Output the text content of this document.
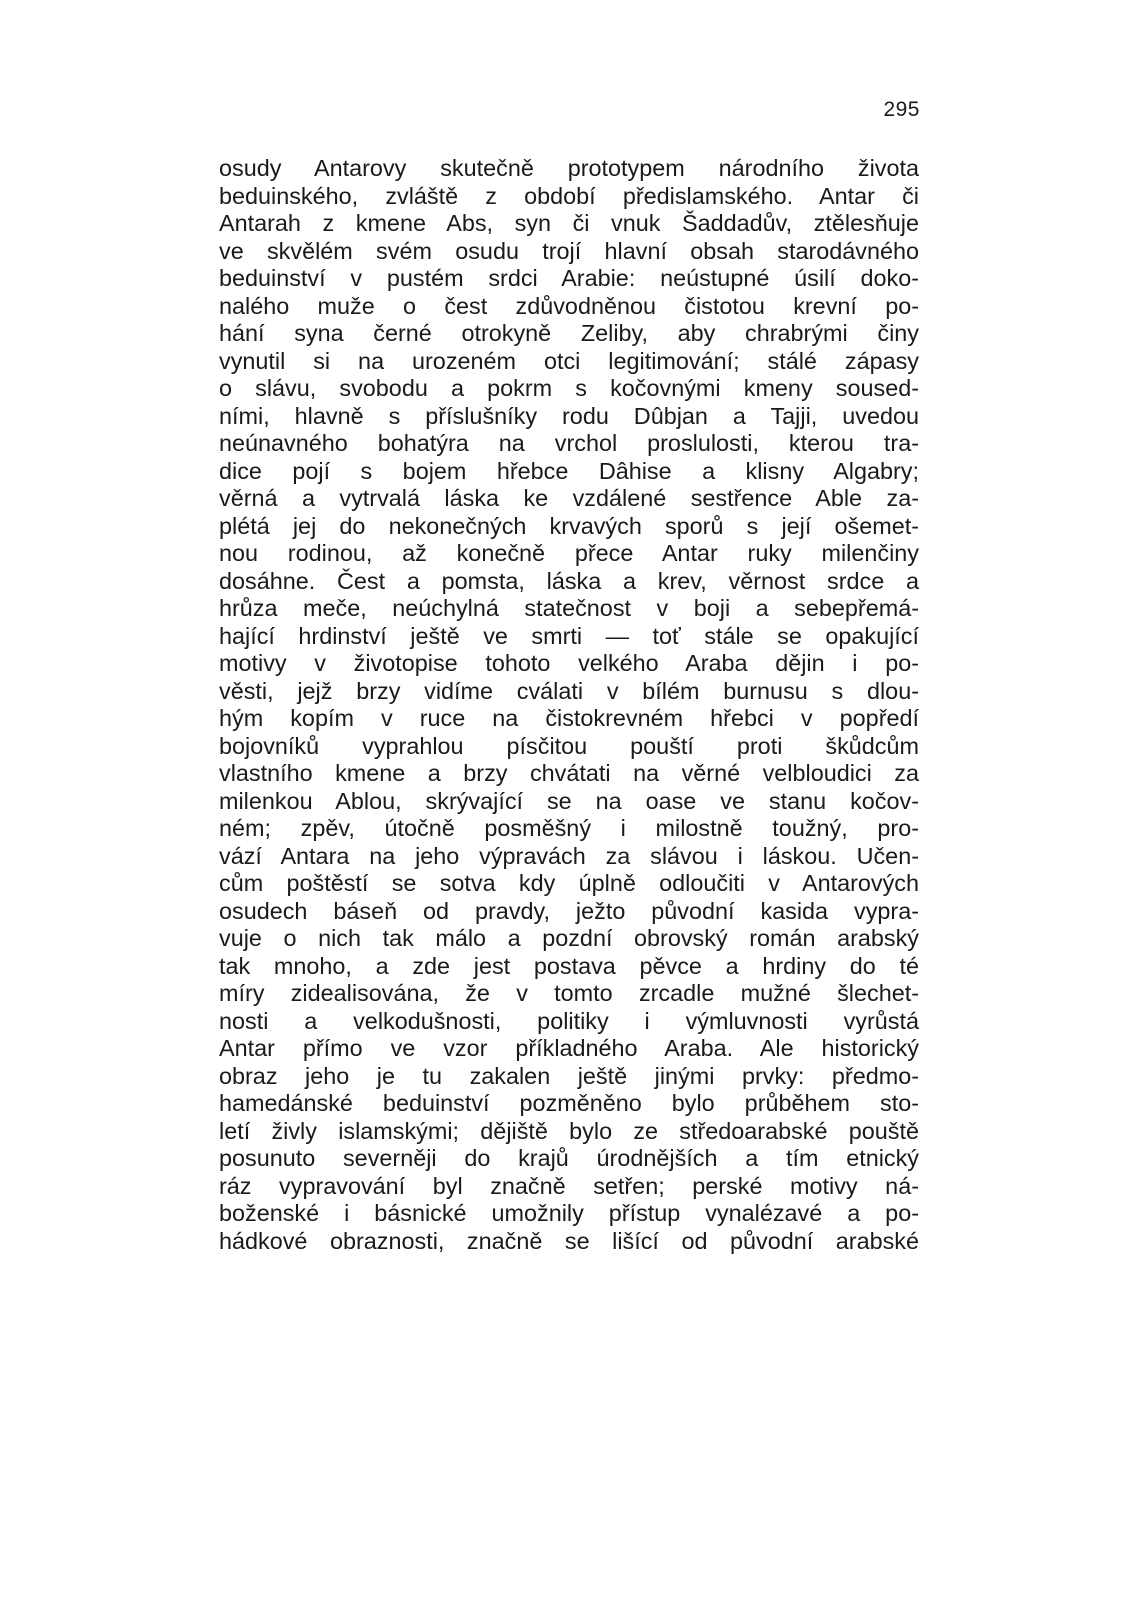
295
osudy Antarovy skutečně prototypem národního života
beduinského, zvláště z období předislamského. Antar či
Antarah z kmene Abs, syn či vnuk Šaddadův, ztělesňuje
ve skvělém svém osudu trojí hlavní obsah starodávného
beduinství v pustém srdci Arabie: neústupné úsilí doko-
nalého muže o čest zdůvodněnou čistotou krevní po-
hání syna černé otrokyně Zeliby, aby chrabrými činy
vynutil si na urozeném otci legitimování; stálé zápasy
o slávu, svobodu a pokrm s kočovnými kmeny soused-
ními, hlavně s příslušníky rodu Dûbjan a Tajji, uvedou
neúnavného bohatýra na vrchol proslulosti, kterou tra-
dice pojí s bojem hřebce Dâhise a klisny Algabry;
věrná a vytrvalá láska ke vzdálené sestřence Able za-
plétá jej do nekonečných krvavých sporů s její ošemet-
nou rodinou, až konečně přece Antar ruky milenčiny
dosáhne. Čest a pomsta, láska a krev, věrnost srdce a
hrůza meče, neúchylná statečnost v boji a sebepřemá-
hající hrdinství ještě ve smrti — toť stále se opakující
motivy v životopise tohoto velkého Araba dějin i po-
věsti, jejž brzy vidíme cválati v bílém burnusu s dlou-
hým kopím v ruce na čistokrevném hřebci v popředí
bojovníků vyprahlou písčitou pouští proti škůdcům
vlastního kmene a brzy chvátati na věrné velbloudici za
milenkou Ablou, skrývající se na oase ve stanu kočov-
ném; zpěv, útočně posměšný i milostně toužný, pro-
vází Antara na jeho výpravách za slávou i láskou. Učen-
cům poštěstí se sotva kdy úplně odloučiti v Antarových
osudech báseň od pravdy, ježto původní kasida vypra-
vuje o nich tak málo a pozdní obrovský román arabský
tak mnoho, a zde jest postava pěvce a hrdiny do té
míry zidealisována, že v tomto zrcadle mužné šlechet-
nosti a velkodušnosti, politiky i výmluvnosti vyrůstá
Antar přímo ve vzor příkladného Araba. Ale historický
obraz jeho je tu zakalen ještě jinými prvky: předmo-
hamedánské beduinství pozměněno bylo průběhem sto-
letí živly islamskými; dějiště bylo ze středoarabské pouště
posunuto severněji do krajů úrodnějších a tím etnický
ráz vypravování byl značně setřen; perské motivy ná-
boženské i básnické umožnily přístup vynalézavé a po-
hádkové obraznosti, značně se lišící od původní arabské
